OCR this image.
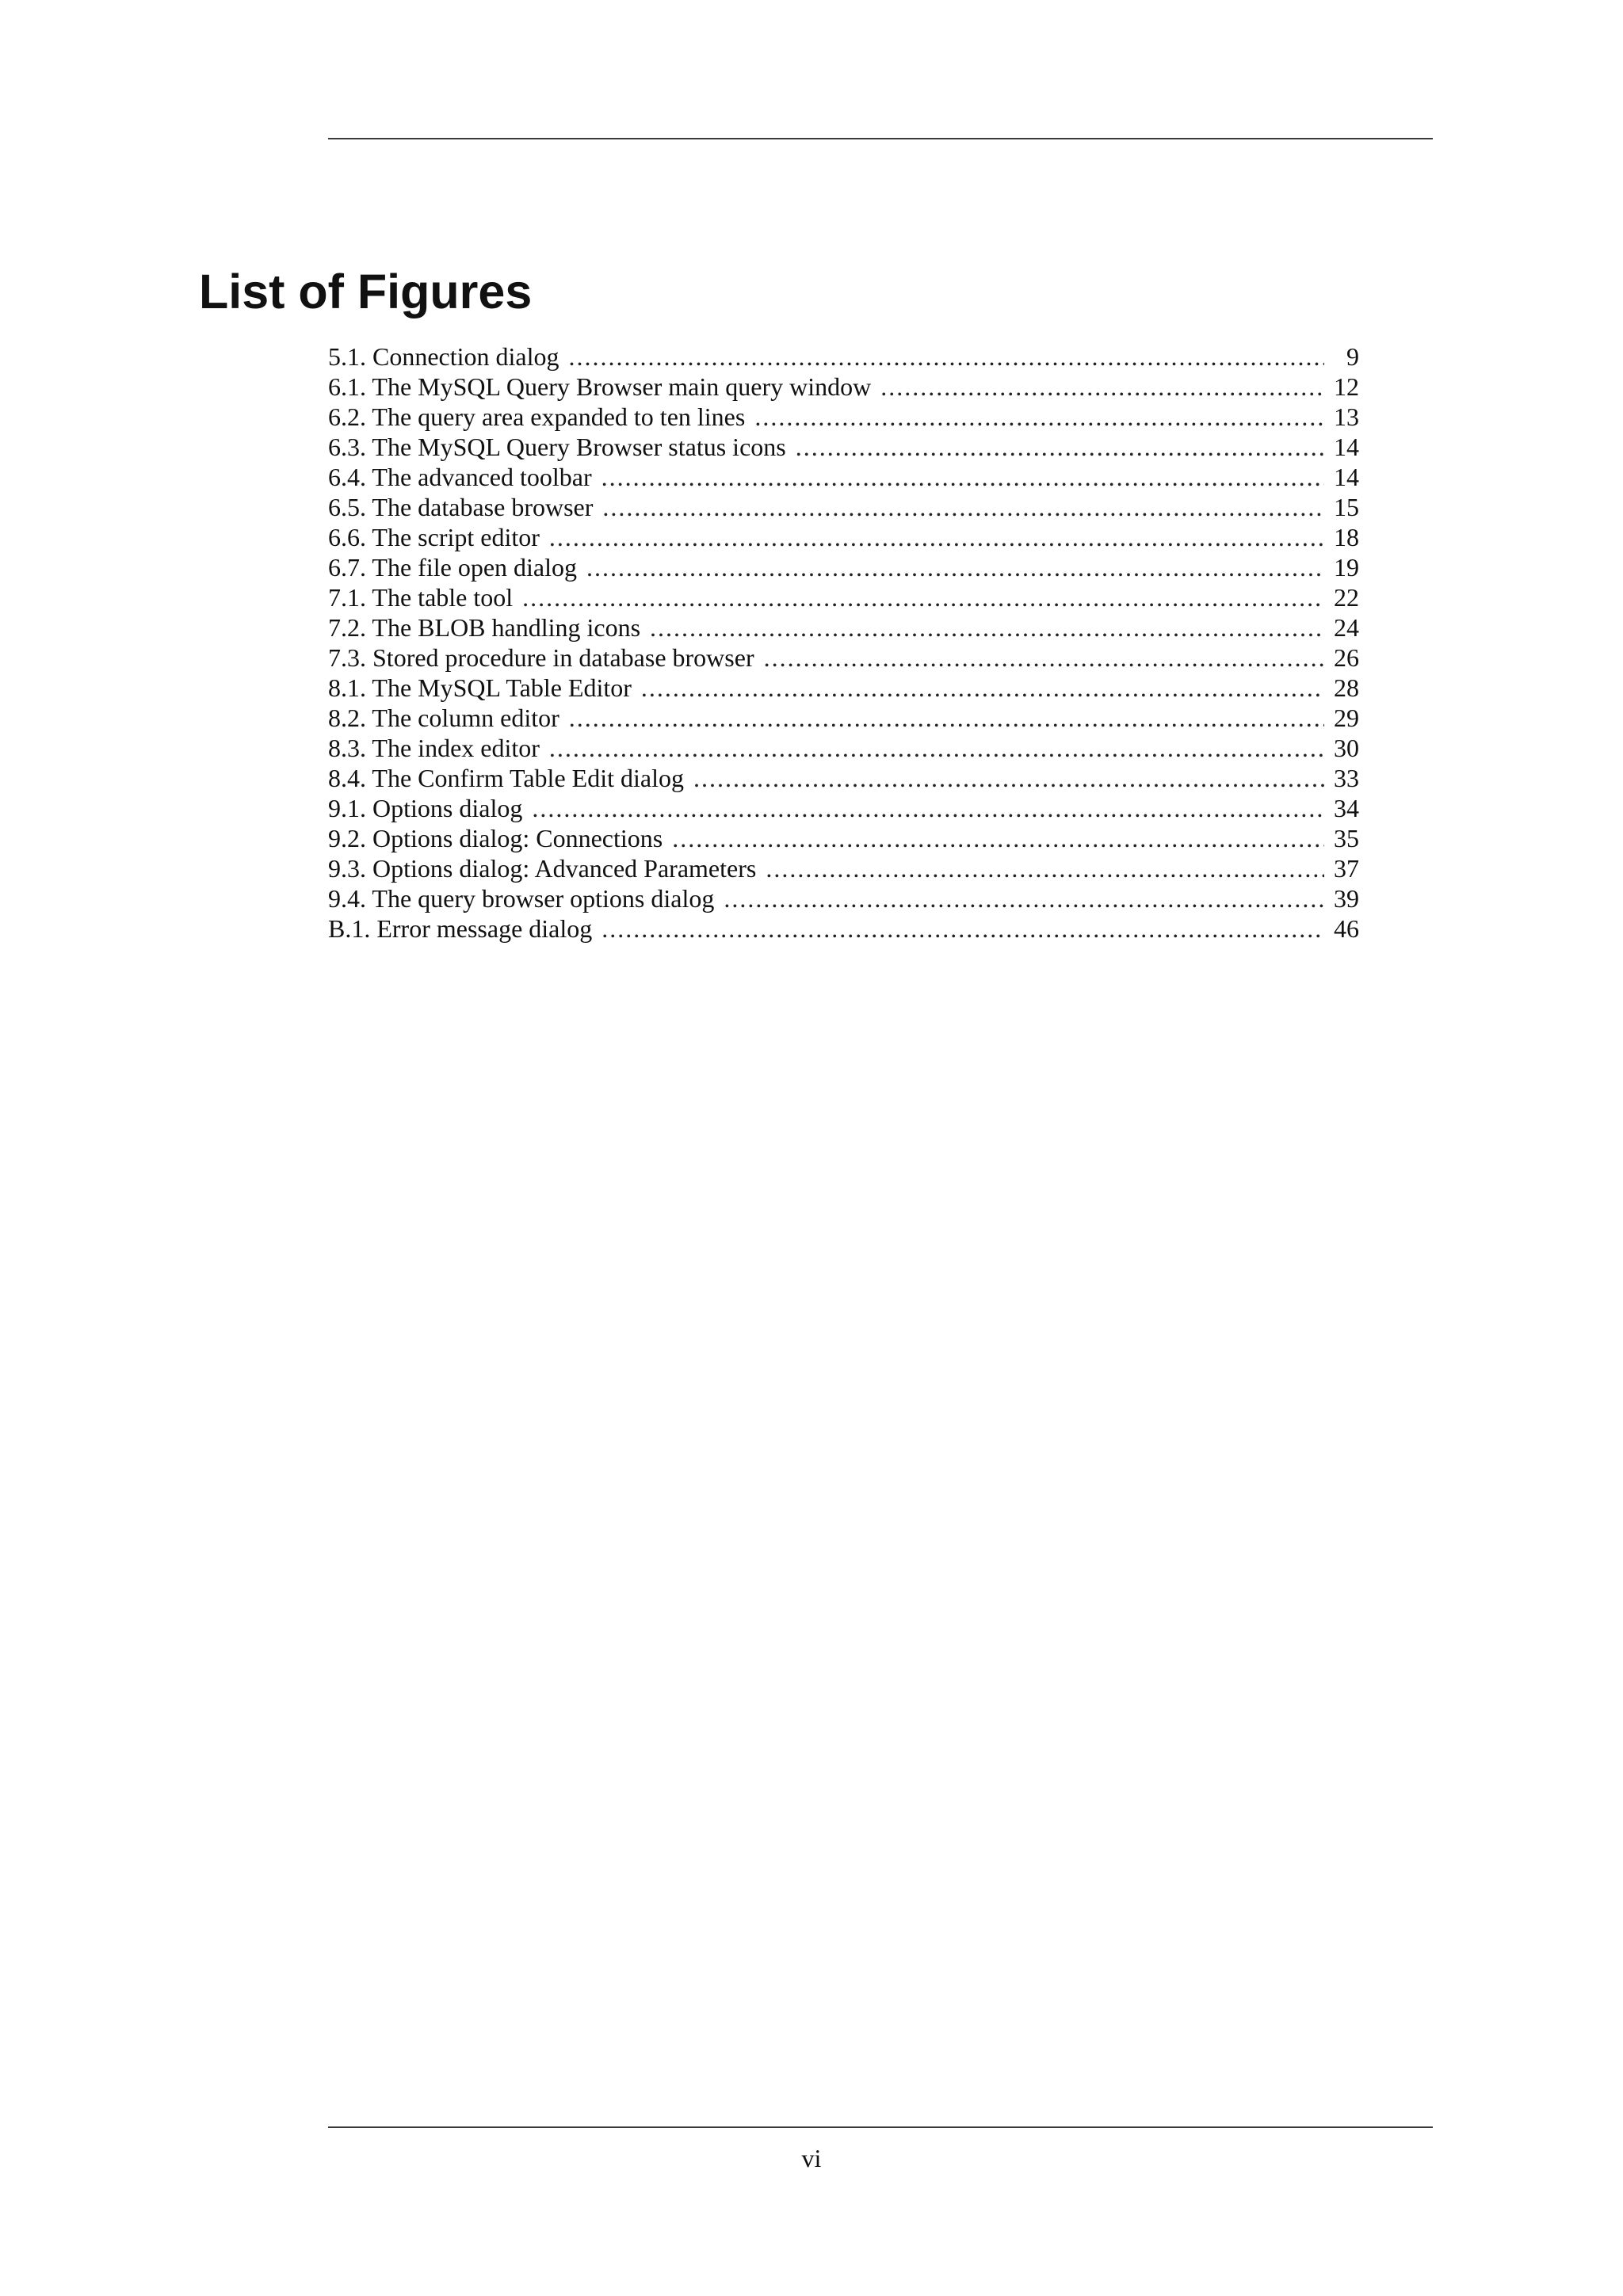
List of Figures
5.1. Connection dialog . . .	9
6.1. The MySQL Query Browser main query window . . .	12
6.2. The query area expanded to ten lines . . .	13
6.3. The MySQL Query Browser status icons . . .	14
6.4. The advanced toolbar . . .	14
6.5. The database browser . . .	15
6.6. The script editor . . .	18
6.7. The file open dialog . . .	19
7.1. The table tool . . .	22
7.2. The BLOB handling icons . . .	24
7.3. Stored procedure in database browser . . .	26
8.1. The MySQL Table Editor . . .	28
8.2. The column editor . . .	29
8.3. The index editor . . .	30
8.4. The Confirm Table Edit dialog . . .	33
9.1. Options dialog . . .	34
9.2. Options dialog: Connections . . .	35
9.3. Options dialog: Advanced Parameters . . .	37
9.4. The query browser options dialog . . .	39
B.1. Error message dialog . . .	46
vi
